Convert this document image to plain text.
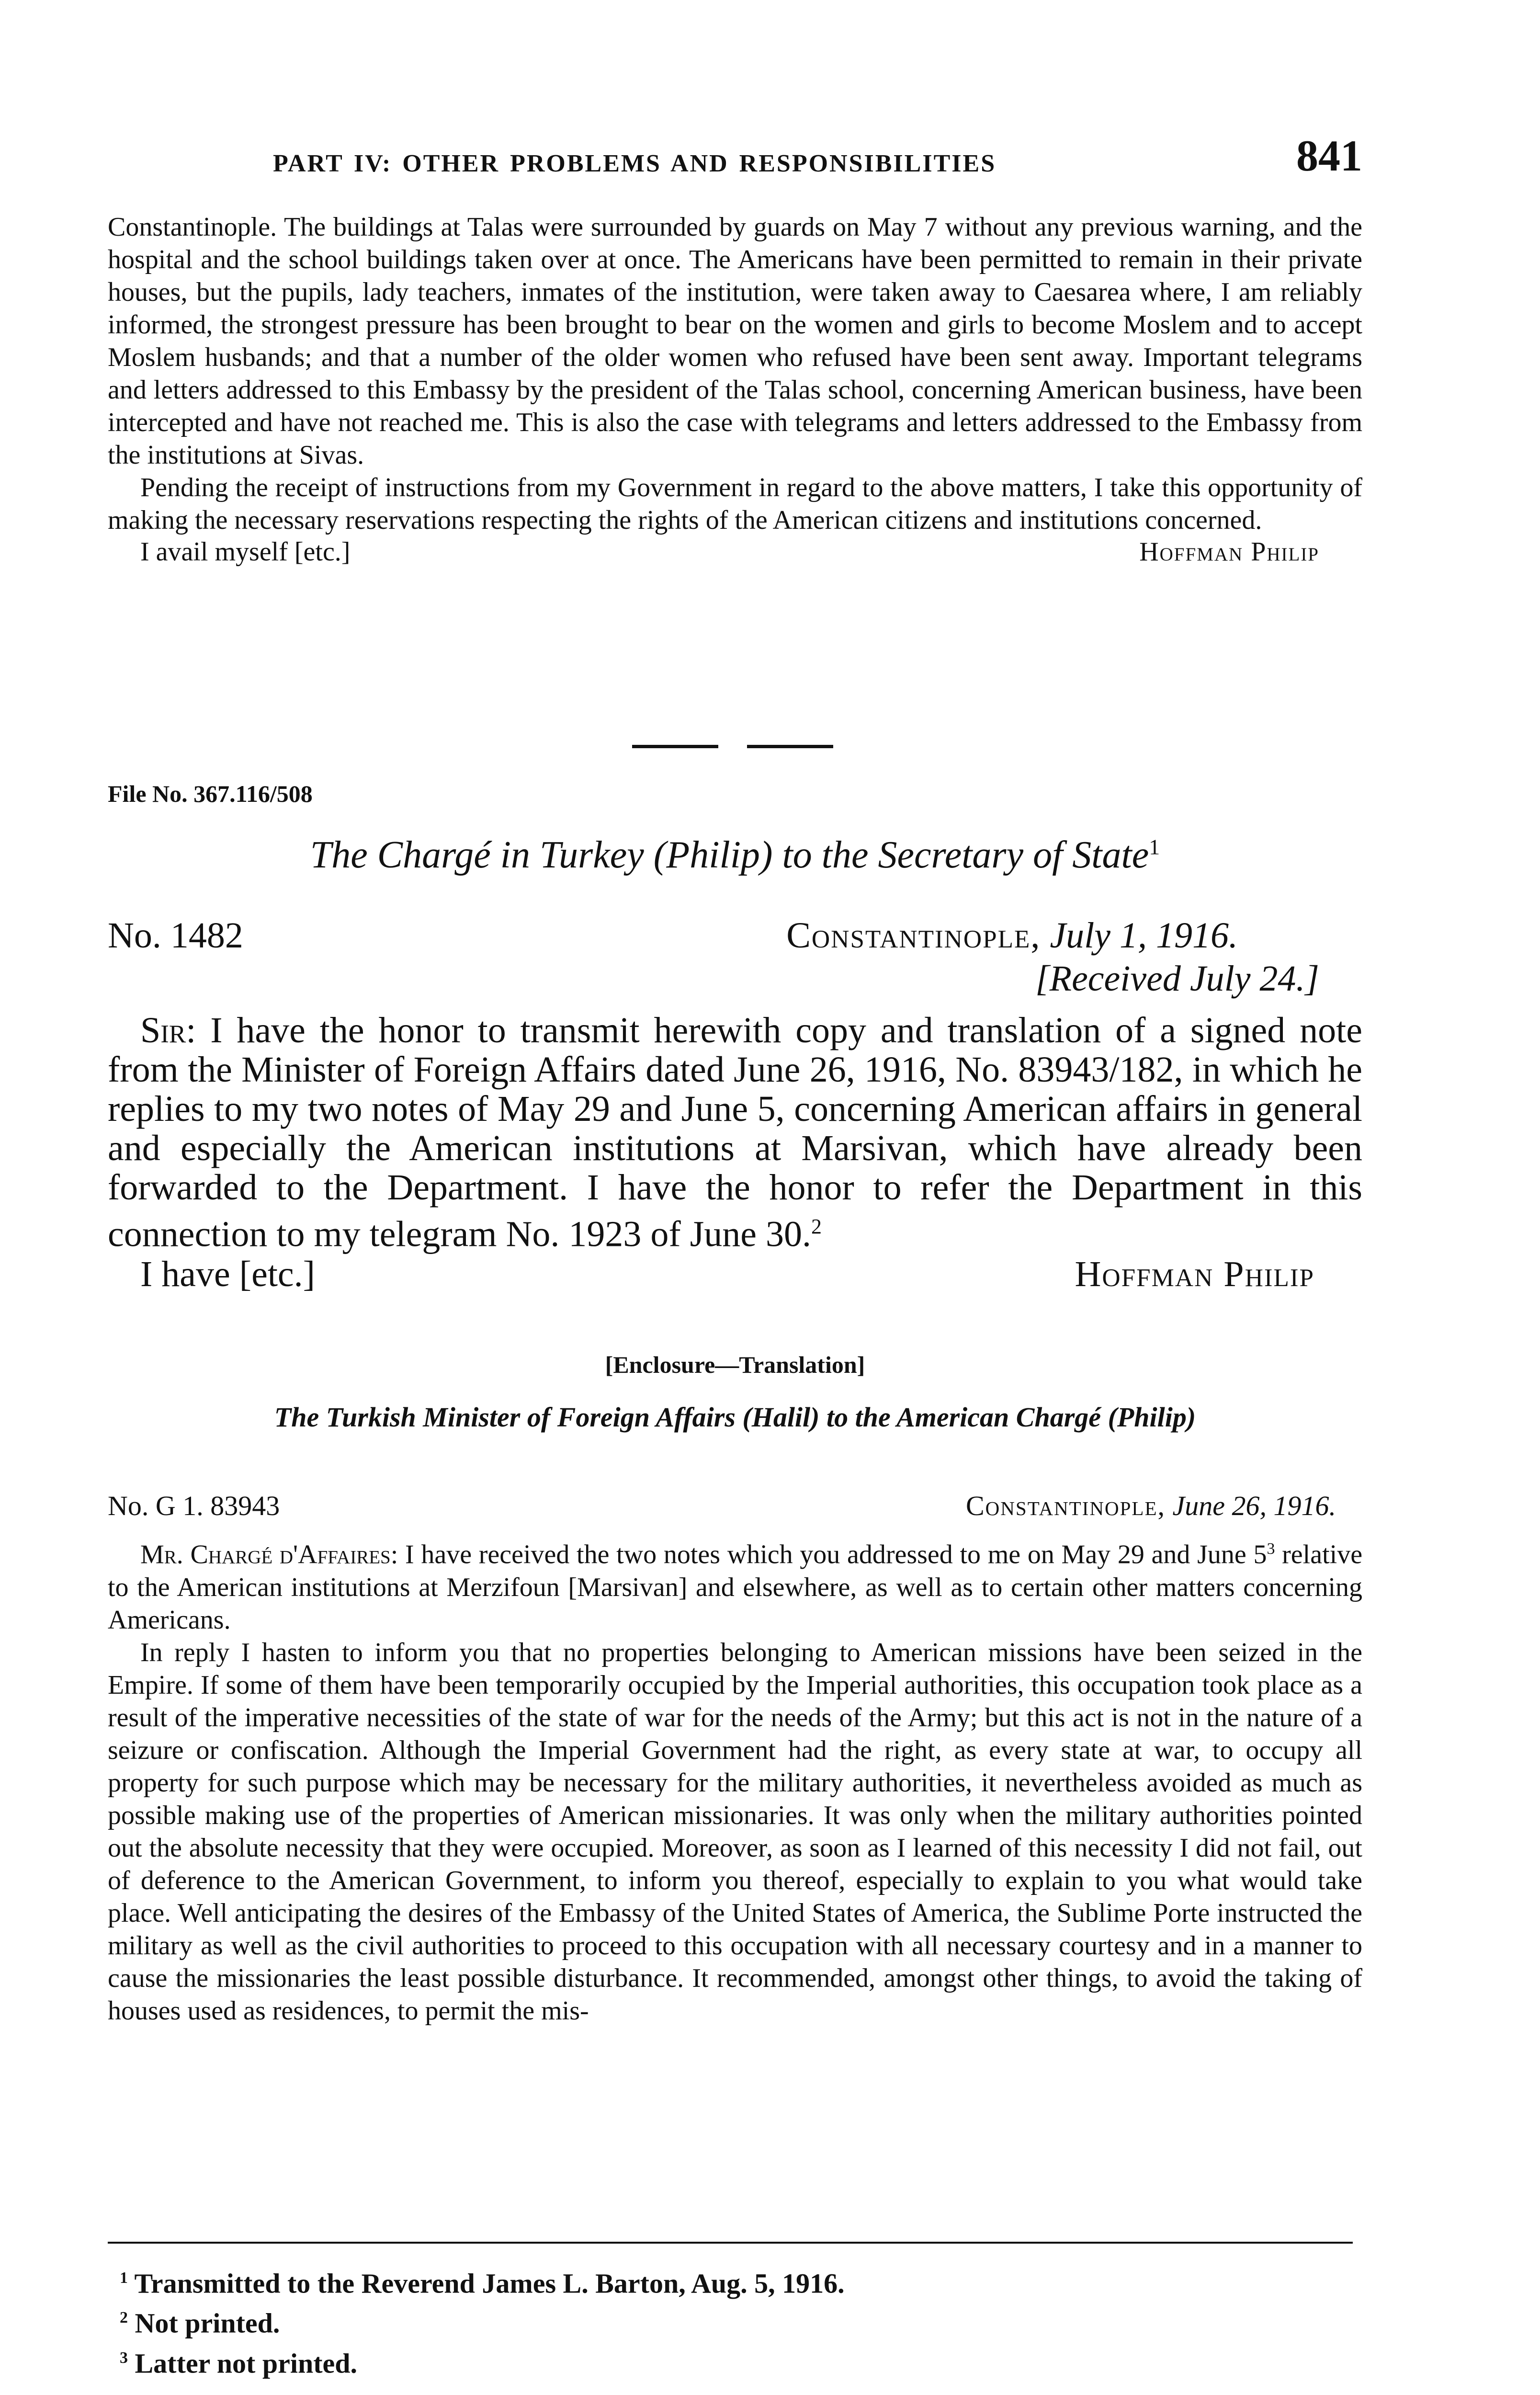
PART IV: OTHER PROBLEMS AND RESPONSIBILITIES	841

Constantinople. The buildings at Talas were surrounded by guards on May 7 without any previous warning, and the hospital and the school buildings taken over at once. The Americans have been permitted to remain in their private houses, but the pupils, lady teachers, inmates of the institution, were taken away to Caesarea where, I am reliably informed, the strongest pressure has been brought to bear on the women and girls to become Moslem and to accept Moslem husbands; and that a number of the older women who refused have been sent away. Important telegrams and letters addressed to this Embassy by the president of the Talas school, concerning American business, have been intercepted and have not reached me. This is also the case with telegrams and letters addressed to the Embassy from the institutions at Sivas.

Pending the receipt of instructions from my Government in regard to the above matters, I take this opportunity of making the necessary reservations respecting the rights of the American citizens and institutions concerned.

I avail myself [etc.]	Hoffman Philip
File No. 367.116/508
The Chargé in Turkey (Philip) to the Secretary of State$^1$
No. 1482	Constantinople, July 1, 1916.
[Received July 24.]

Sir: I have the honor to transmit herewith copy and translation of a signed note from the Minister of Foreign Affairs dated June 26, 1916, No. 83943/182, in which he replies to my two notes of May 29 and June 5, concerning American affairs in general and especially the American institutions at Marsivan, which have already been forwarded to the Department. I have the honor to refer the Department in this connection to my telegram No. 1923 of June 30.$^2$

I have [etc.]	Hoffman Philip
[Enclosure—Translation]
The Turkish Minister of Foreign Affairs (Halil) to the American Chargé (Philip)
No. G 1. 83943	Constantinople, June 26, 1916.

Mr. Chargé d'Affaires: I have received the two notes which you addressed to me on May 29 and June $5^3$ relative to the American institutions at Merzifoun [Marsivan] and elsewhere, as well as to certain other matters concerning Americans.

In reply I hasten to inform you that no properties belonging to American missions have been seized in the Empire. If some of them have been temporarily occupied by the Imperial authorities, this occupation took place as a result of the imperative necessities of the state of war for the needs of the Army; but this act is not in the nature of a seizure or confiscation. Although the Imperial Government had the right, as every state at war, to occupy all property for such purpose which may be necessary for the military authorities, it nevertheless avoided as much as possible making use of the properties of American missionaries. It was only when the military authorities pointed out the absolute necessity that they were occupied. Moreover, as soon as I learned of this necessity I did not fail, out of deference to the American Government, to inform you thereof, especially to explain to you what would take place. Well anticipating the desires of the Embassy of the United States of America, the Sublime Porte instructed the military as well as the civil authorities to proceed to this occupation with all necessary courtesy and in a manner to cause the missionaries the least possible disturbance. It recommended, amongst other things, to avoid the taking of houses used as residences, to permit the mis-

$^1$ Transmitted to the Reverend James L. Barton, Aug. 5, 1916.
$^2$ Not printed.
$^3$ Latter not printed.
